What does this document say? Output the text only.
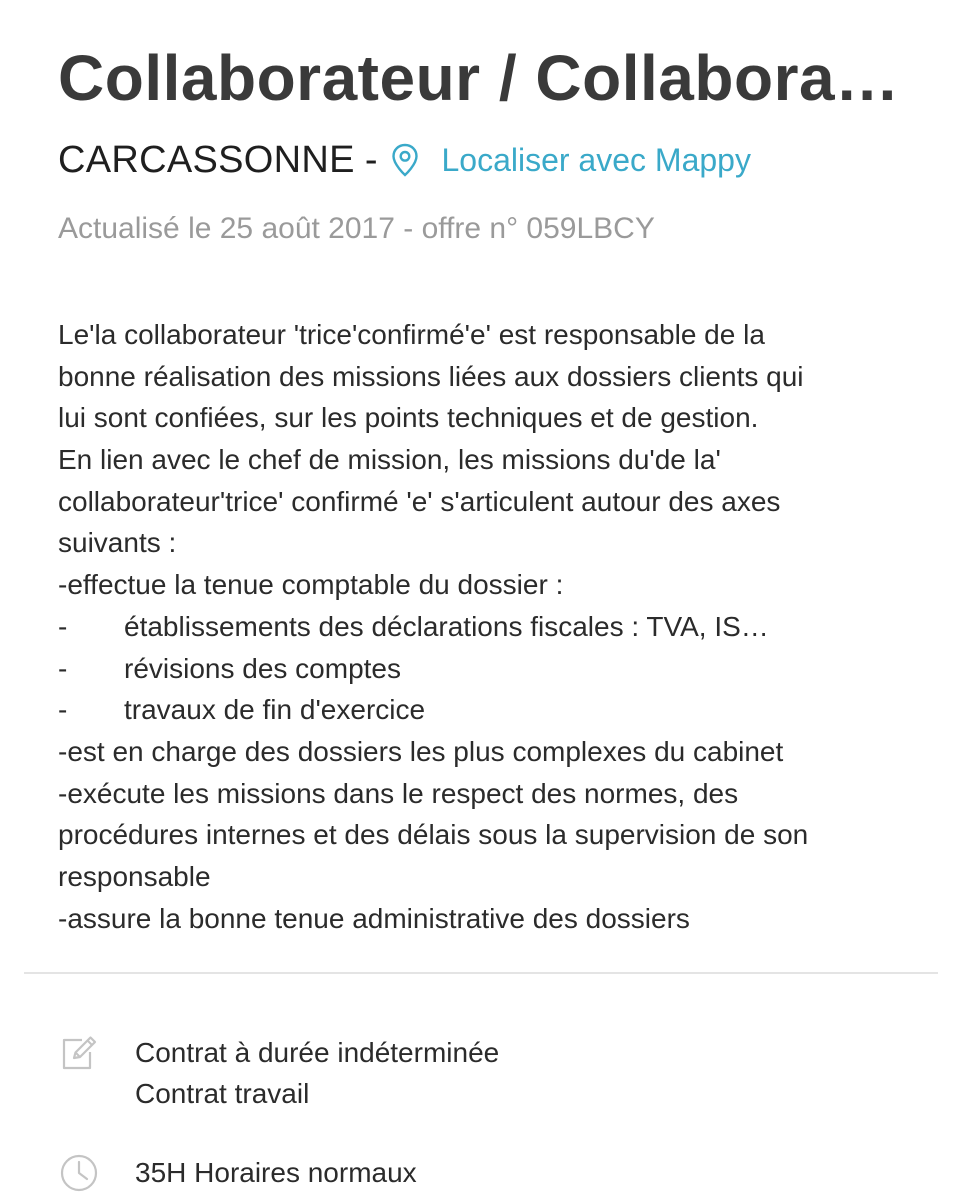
Collaborateur / Collabora…
CARCASSONNE - Localiser avec Mappy
Actualisé le 25 août 2017 - offre n° 059LBCY
Le'la collaborateur 'trice'confirmé'e' est responsable de la
bonne réalisation des missions liées aux dossiers clients qui
lui sont confiées, sur les points techniques et de gestion.
En lien avec le chef de mission, les missions du'de la'
collaborateur'trice' confirmé 'e' s'articulent autour des axes
suivants :
-effectue la tenue comptable du dossier :
-	établissements des déclarations fiscales : TVA, IS…
-	révisions des comptes
-	travaux de fin d'exercice
-est en charge des dossiers les plus complexes du cabinet
-exécute les missions dans le respect des normes, des
procédures internes et des délais sous la supervision de son
responsable
-assure la bonne tenue administrative des dossiers
Contrat à durée indéterminée
Contrat travail
35H Horaires normaux
